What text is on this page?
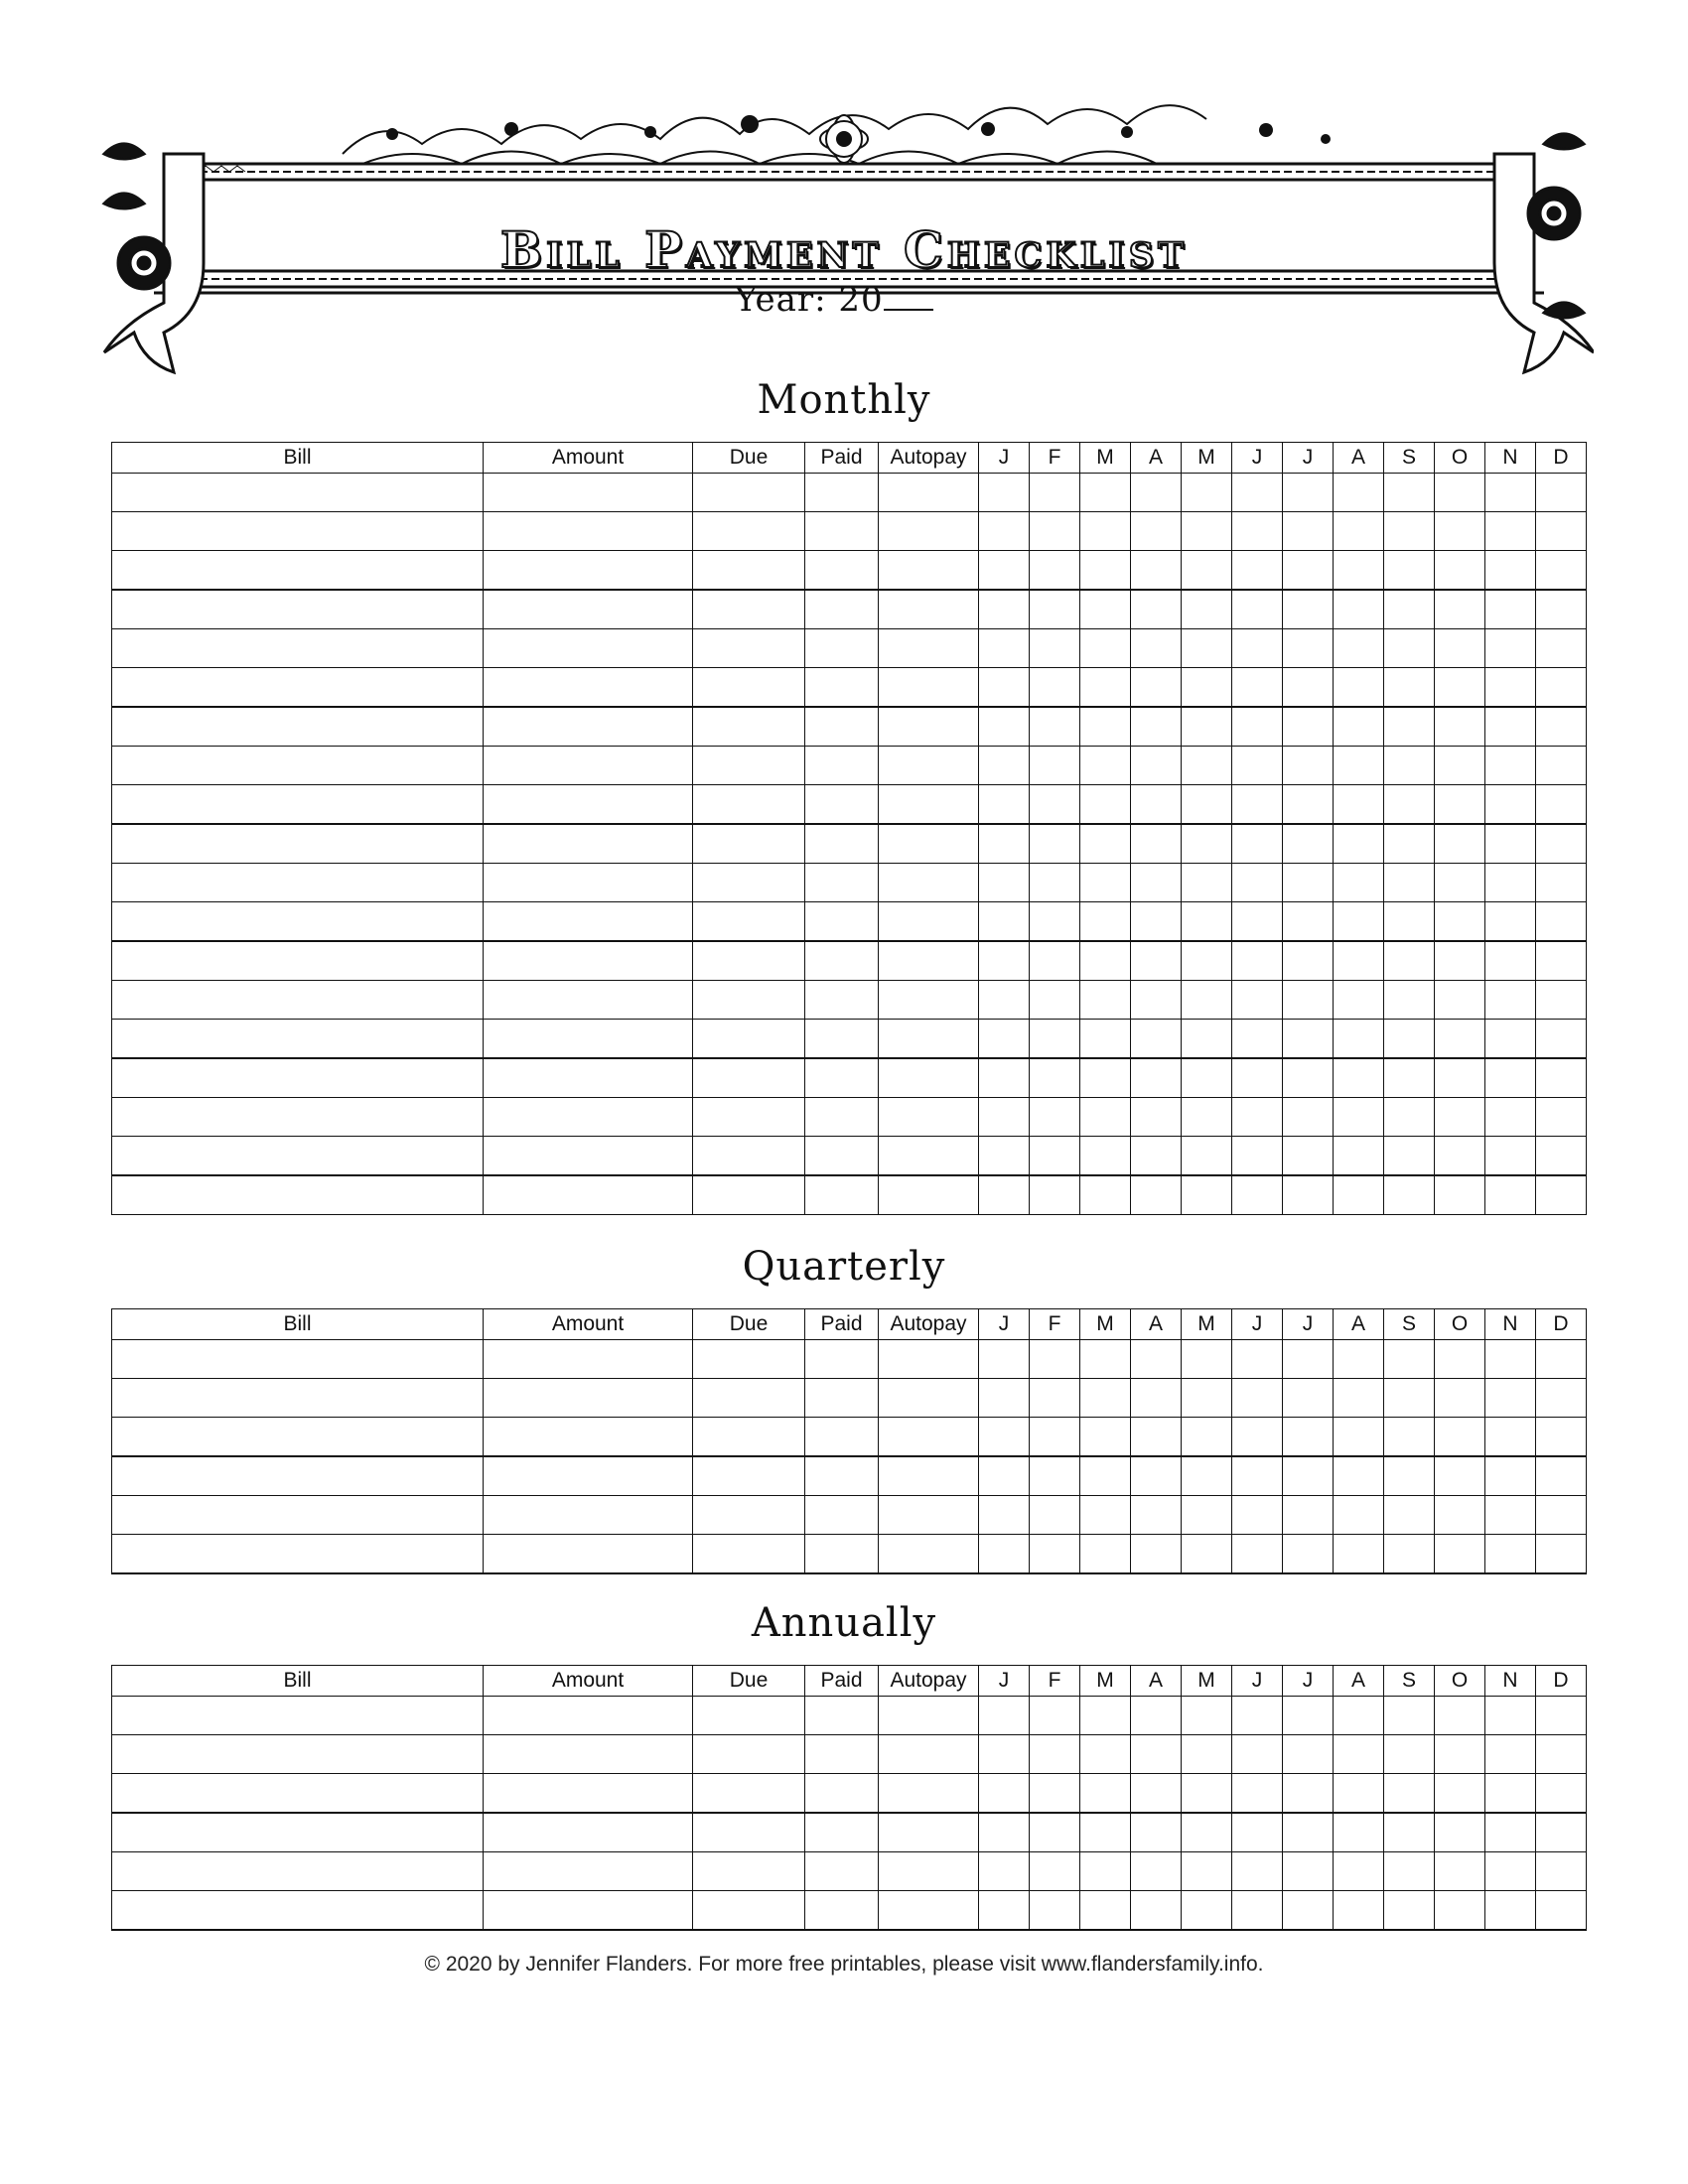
Bill Payment Checklist
Year: 20
Monthly
Bill	Amount	Due	Paid	Autopay	J	F	M	A	M	J	J	A	S	O	N	D

Quarterly
Bill	Amount	Due	Paid	Autopay	J	F	M	A	M	J	J	A	S	O	N	D

Annually
Bill	Amount	Due	Paid	Autopay	J	F	M	A	M	J	J	A	S	O	N	D

© 2020 by Jennifer Flanders. For more free printables, please visit www.flandersfamily.info.
